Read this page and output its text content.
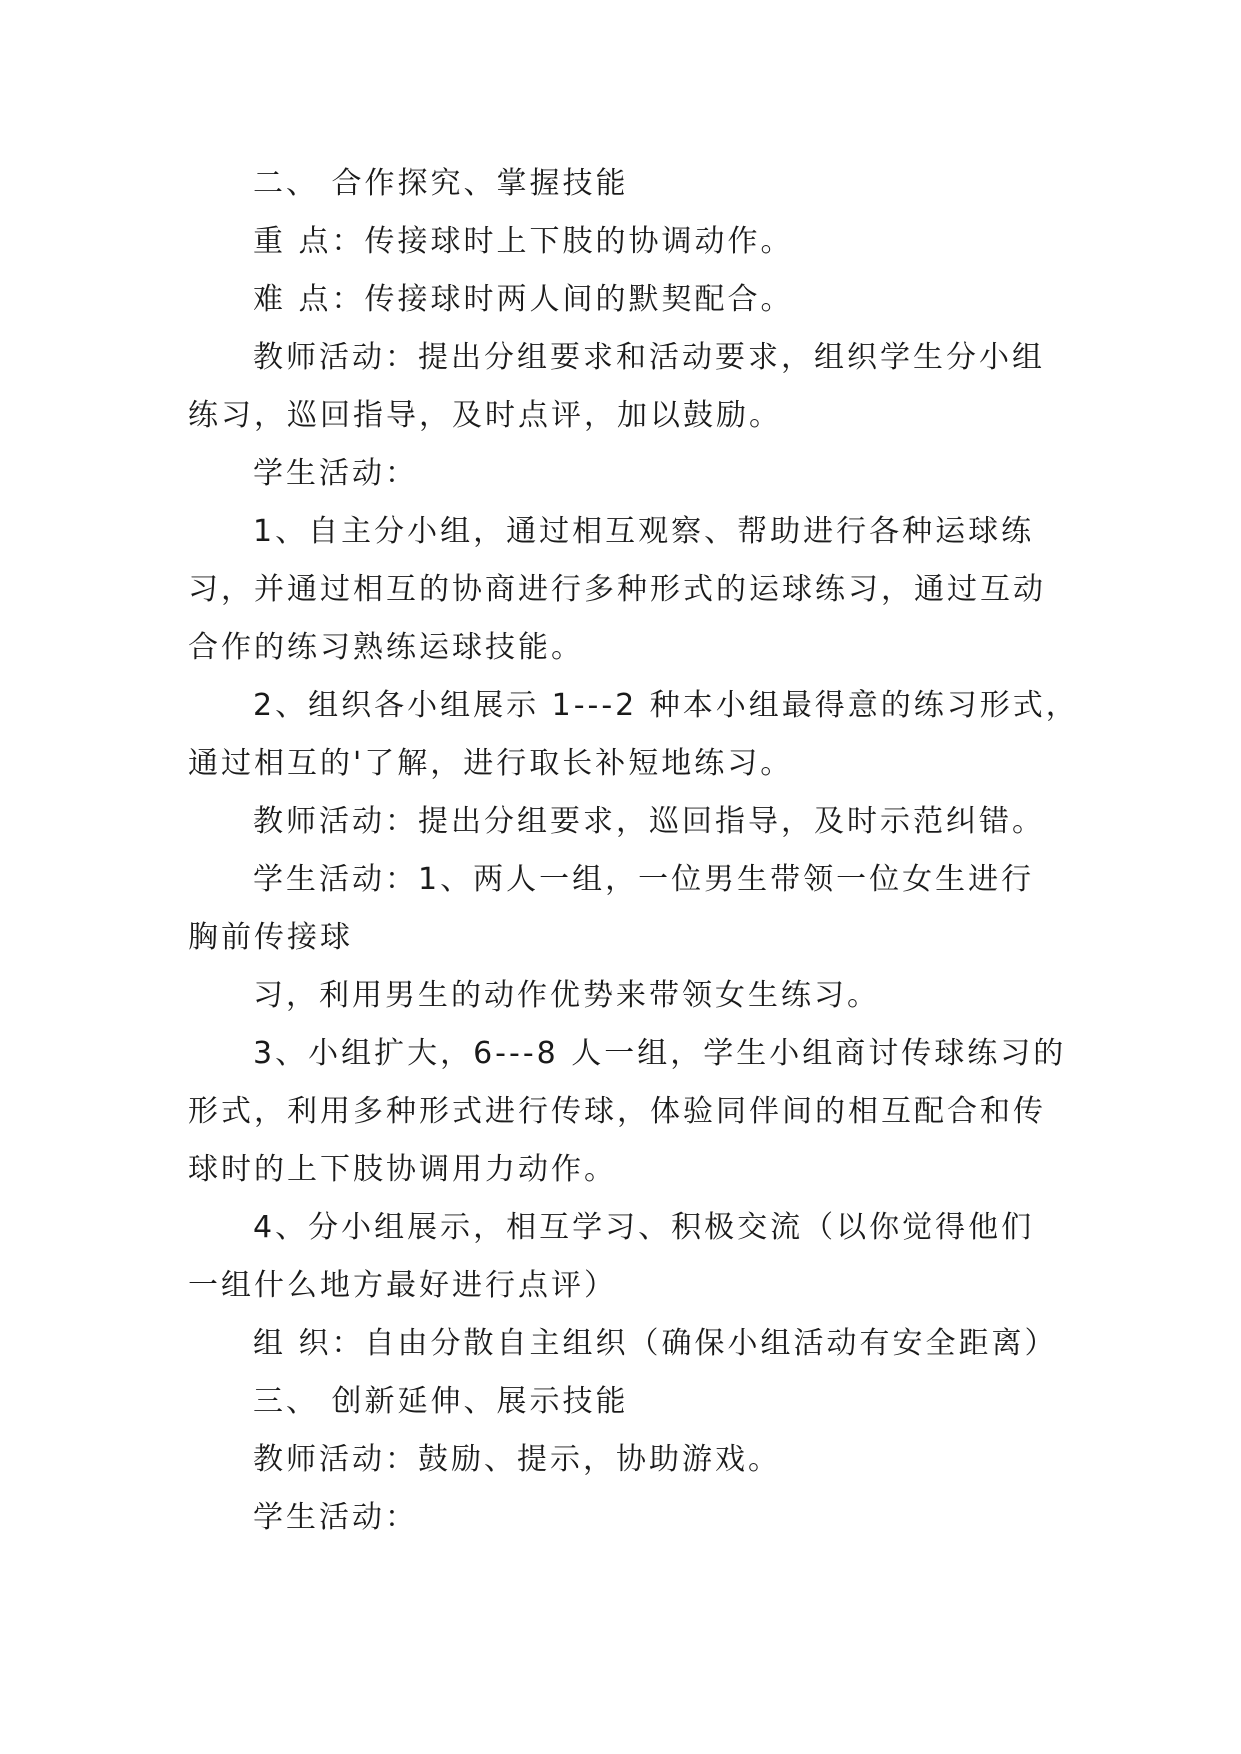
二、 合作探究、掌握技能
重 点：传接球时上下肢的协调动作。
难 点：传接球时两人间的默契配合。
教师活动：提出分组要求和活动要求，组织学生分小组
练习，巡回指导，及时点评，加以鼓励。
学生活动：
1、自主分小组，通过相互观察、帮助进行各种运球练
习，并通过相互的协商进行多种形式的运球练习，通过互动
合作的练习熟练运球技能。
2、组织各小组展示 1---2 种本小组最得意的练习形式，
通过相互的'了解，进行取长补短地练习。
教师活动：提出分组要求，巡回指导，及时示范纠错。
学生活动：1、两人一组，一位男生带领一位女生进行
胸前传接球
习，利用男生的动作优势来带领女生练习。
3、小组扩大，6---8 人一组，学生小组商讨传球练习的
形式，利用多种形式进行传球，体验同伴间的相互配合和传
球时的上下肢协调用力动作。
4、分小组展示，相互学习、积极交流（以你觉得他们
一组什么地方最好进行点评）
组 织：自由分散自主组织（确保小组活动有安全距离）
三、 创新延伸、展示技能
教师活动：鼓励、提示，协助游戏。
学生活动：
